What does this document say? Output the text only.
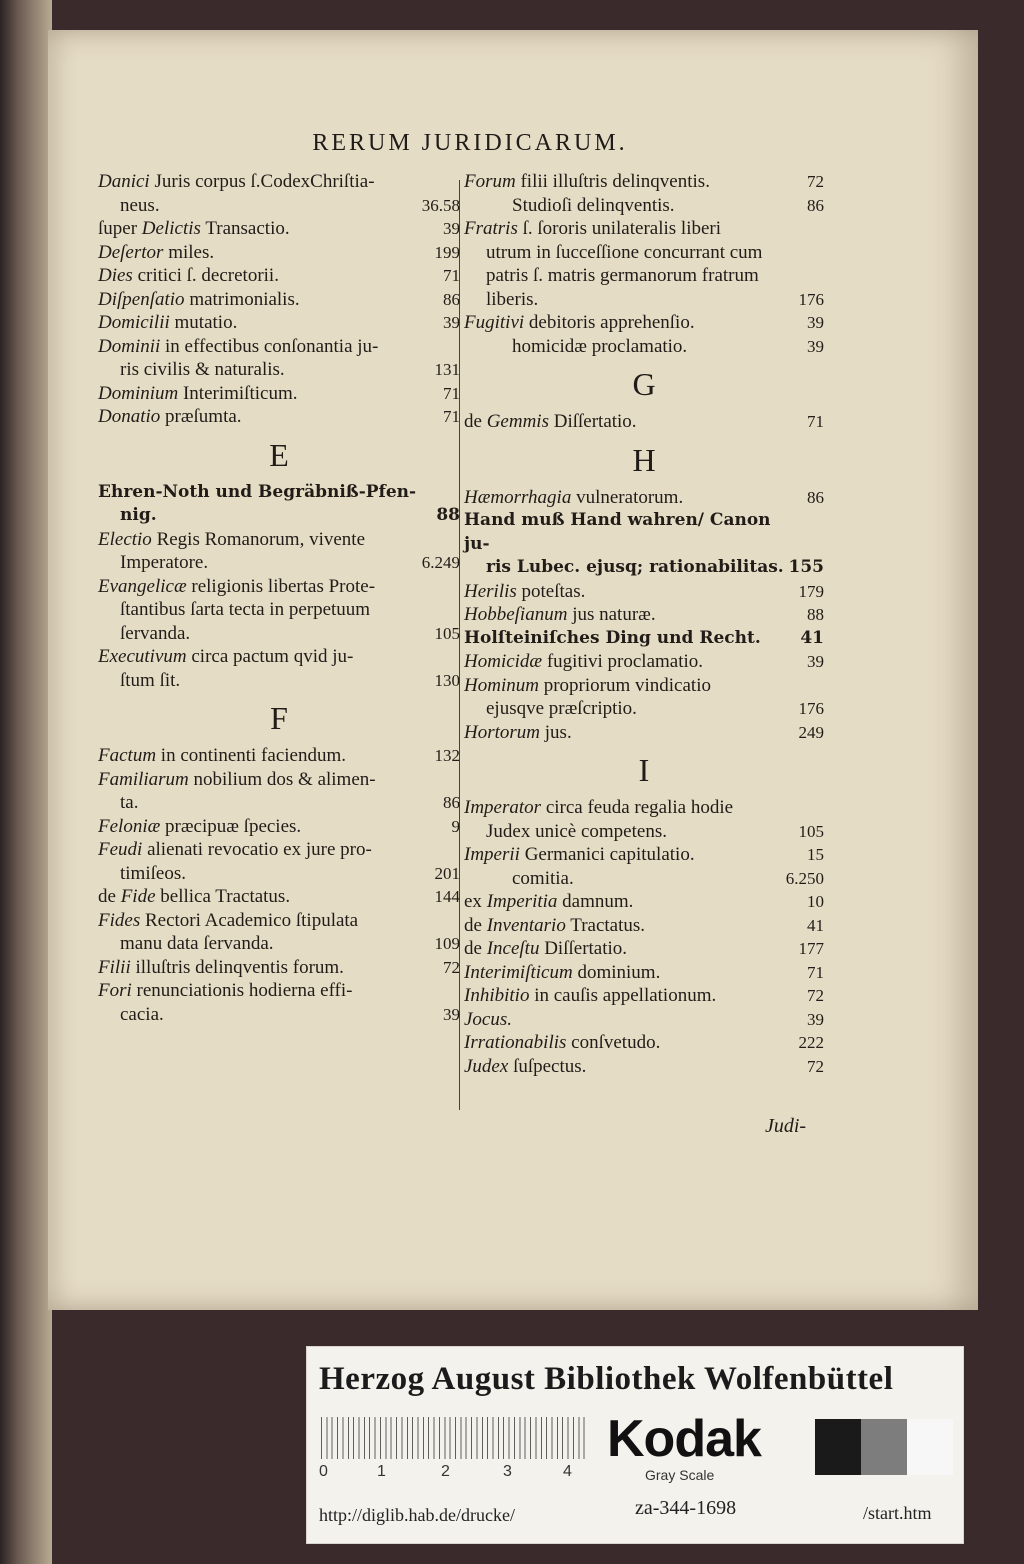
RERUM JURIDICARUM.
Danici Juris corpus ſ.CodexChriſtia-
neus.	36.58
ſuper Delictis Transactio.	39
Deſertor miles.	199
Dies critici ſ. decretorii.	71
Diſpenſatio matrimonialis.	86
Domicilii mutatio.	39
Dominii in effectibus conſonantia ju-
ris civilis & naturalis.	131
Dominium Interimiſticum.	71
Donatio præſumta.	71
E
Ehren-Noth und Begräbniß-Pfen-
nig.	88
Electio Regis Romanorum, vivente
Imperatore.	6.249
Evangelicæ religionis libertas Prote-
ſtantibus ſarta tecta in perpetuum ſervanda.	105
Executivum circa pactum qvid ju-
ſtum ſit.	130
F
Factum in continenti faciendum.	132
Familiarum nobilium dos & alimen-
ta.	86
Feloniæ præcipuæ ſpecies.	9
Feudi alienati revocatio ex jure pro-
timiſeos.	201
de Fide bellica Tractatus.	144
Fides Rectori Academico ſtipulata
manu data ſervanda.	109
Filii illuſtris delinqventis forum.	72
Fori renunciationis hodierna effi-
cacia.	39
Forum filii illuſtris delinqventis.	72
Studioſi delinqventis.	86
Fratris ſ. ſororis unilateralis liberi
utrum in ſucceſſione concurrant cum patris ſ. matris germanorum fratrum liberis.	176
Fugitivi debitoris apprehenſio.	39
homicidæ proclamatio.	39
G
de Gemmis Diſſertatio.	71
H
Hæmorrhagia vulneratorum.	86
Hand muß Hand wahren/ Canon ju-
ris Lubec. ejusq; rationabilitas. 155
Herilis poteſtas.	179
Hobbeſianum jus naturæ.	88
Holſteiniſches Ding und Recht.	41
Homicidæ fugitivi proclamatio.	39
Hominum propriorum vindicatio
ejusqve præſcriptio.	176
Hortorum jus.	249
I
Imperator circa feuda regalia hodie
Judex unicè competens.	105
Imperii Germanici capitulatio.	15
comitia.	6.250
ex Imperitia damnum.	10
de Inventario Tractatus.	41
de Inceſtu Diſſertatio.	177
Interimiſticum dominium.	71
Inhibitio in cauſis appellationum.	72
Jocus.	39
Irrationabilis conſvetudo.	222
Judex ſuſpectus.	72
Judi-
Herzog August Bibliothek Wolfenbüttel
0	1	2	3	4
Kodak
Gray Scale
http://diglib.hab.de/drucke/	za-344-1698	/start.htm
